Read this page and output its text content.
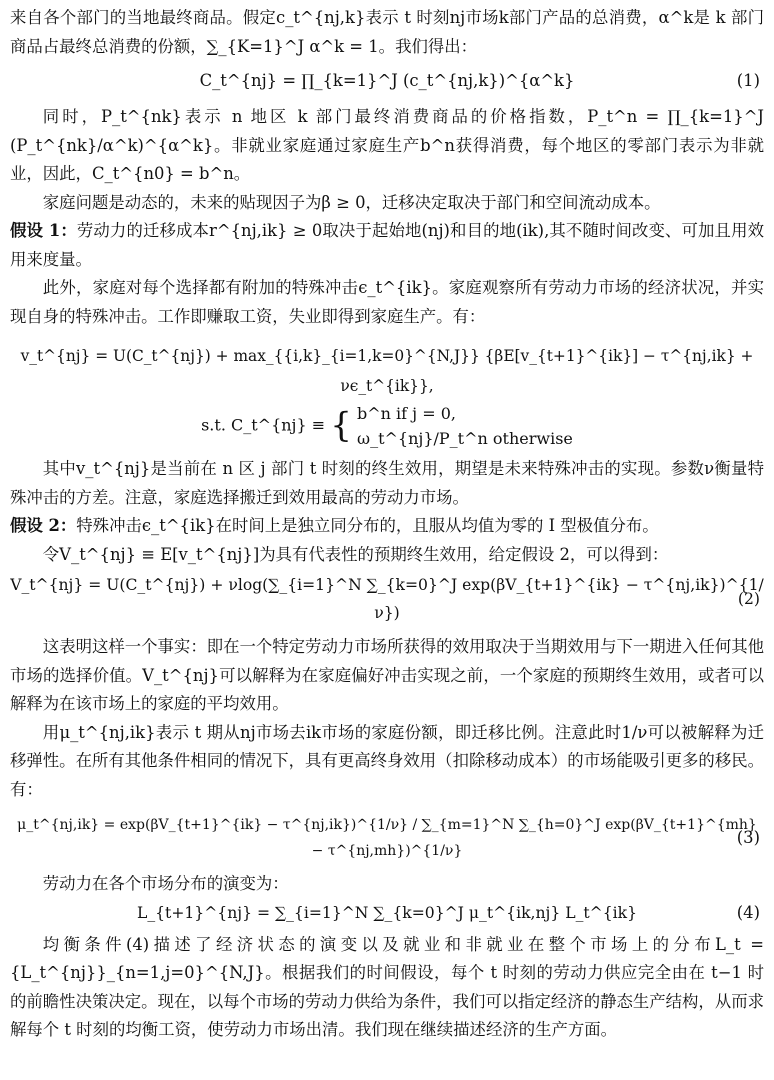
来自各个部门的当地最终商品。假定c_t^{nj,k}表示 t 时刻nj市场k部门产品的总消费，α^k是 k 部门商品占最终总消费的份额，∑_{K=1}^J α^k = 1。我们得出：

C_t^{nj} = ∏_{k=1}^J (c_t^{nj,k})^{α^k}	(1)

同时，P_t^{nk}表示 n 地区 k 部门最终消费商品的价格指数，P_t^n = ∏_{k=1}^J (P_t^{nk}/α^k)^{α^k}。非就业家庭通过家庭生产b^n获得消费，每个地区的零部门表示为非就业，因此，C_t^{n0} = b^n。

家庭问题是动态的，未来的贴现因子为β ≥ 0，迁移决定取决于部门和空间流动成本。

假设 1：劳动力的迁移成本r^{nj,ik} ≥ 0取决于起始地(nj)和目的地(ik),其不随时间改变、可加且用效用来度量。

此外，家庭对每个选择都有附加的特殊冲击ϵ_t^{ik}。家庭观察所有劳动力市场的经济状况，并实现自身的特殊冲击。工作即赚取工资，失业即得到家庭生产。有：

v_t^{nj} = U(C_t^{nj}) + max_{{i,k}_{i=1,k=0}^{N,J}} {βE[v_{t+1}^{ik}] − τ^{nj,ik} + νϵ_t^{ik}},
s.t. C_t^{nj} ≡ { b^n if j = 0,
ω_t^{nj}/P_t^n otherwise

其中v_t^{nj}是当前在 n 区 j 部门 t 时刻的终生效用，期望是未来特殊冲击的实现。参数ν衡量特殊冲击的方差。注意，家庭选择搬迁到效用最高的劳动力市场。

假设 2：特殊冲击ϵ_t^{ik}在时间上是独立同分布的，且服从均值为零的 I 型极值分布。

令V_t^{nj} ≡ E[v_t^{nj}]为具有代表性的预期终生效用，给定假设 2，可以得到：

V_t^{nj} = U(C_t^{nj}) + νlog(∑_{i=1}^N ∑_{k=0}^J exp(βV_{t+1}^{ik} − τ^{nj,ik})^{1/ν})
(2)

这表明这样一个事实：即在一个特定劳动力市场所获得的效用取决于当期效用与下一期进入任何其他市场的选择价值。V_t^{nj}可以解释为在家庭偏好冲击实现之前，一个家庭的预期终生效用，或者可以解释为在该市场上的家庭的平均效用。

用μ_t^{nj,ik}表示 t 期从nj市场去ik市场的家庭份额，即迁移比例。注意此时1/ν可以被解释为迁移弹性。在所有其他条件相同的情况下，具有更高终身效用（扣除移动成本）的市场能吸引更多的移民。有：

μ_t^{nj,ik} = exp(βV_{t+1}^{ik} − τ^{nj,ik})^{1/ν} / ∑_{m=1}^N ∑_{h=0}^J exp(βV_{t+1}^{mh} − τ^{nj,mh})^{1/ν}
(3)

劳动力在各个市场分布的演变为：

L_{t+1}^{nj} = ∑_{i=1}^N ∑_{k=0}^J μ_t^{ik,nj} L_t^{ik}	(4)

均衡条件(4)描述了经济状态的演变以及就业和非就业在整个市场上的分布L_t = {L_t^{nj}}_{n=1,j=0}^{N,J}。根据我们的时间假设，每个 t 时刻的劳动力供应完全由在 t−1 时的前瞻性决策决定。现在，以每个市场的劳动力供给为条件，我们可以指定经济的静态生产结构，从而求解每个 t 时刻的均衡工资，使劳动力市场出清。我们现在继续描述经济的生产方面。
